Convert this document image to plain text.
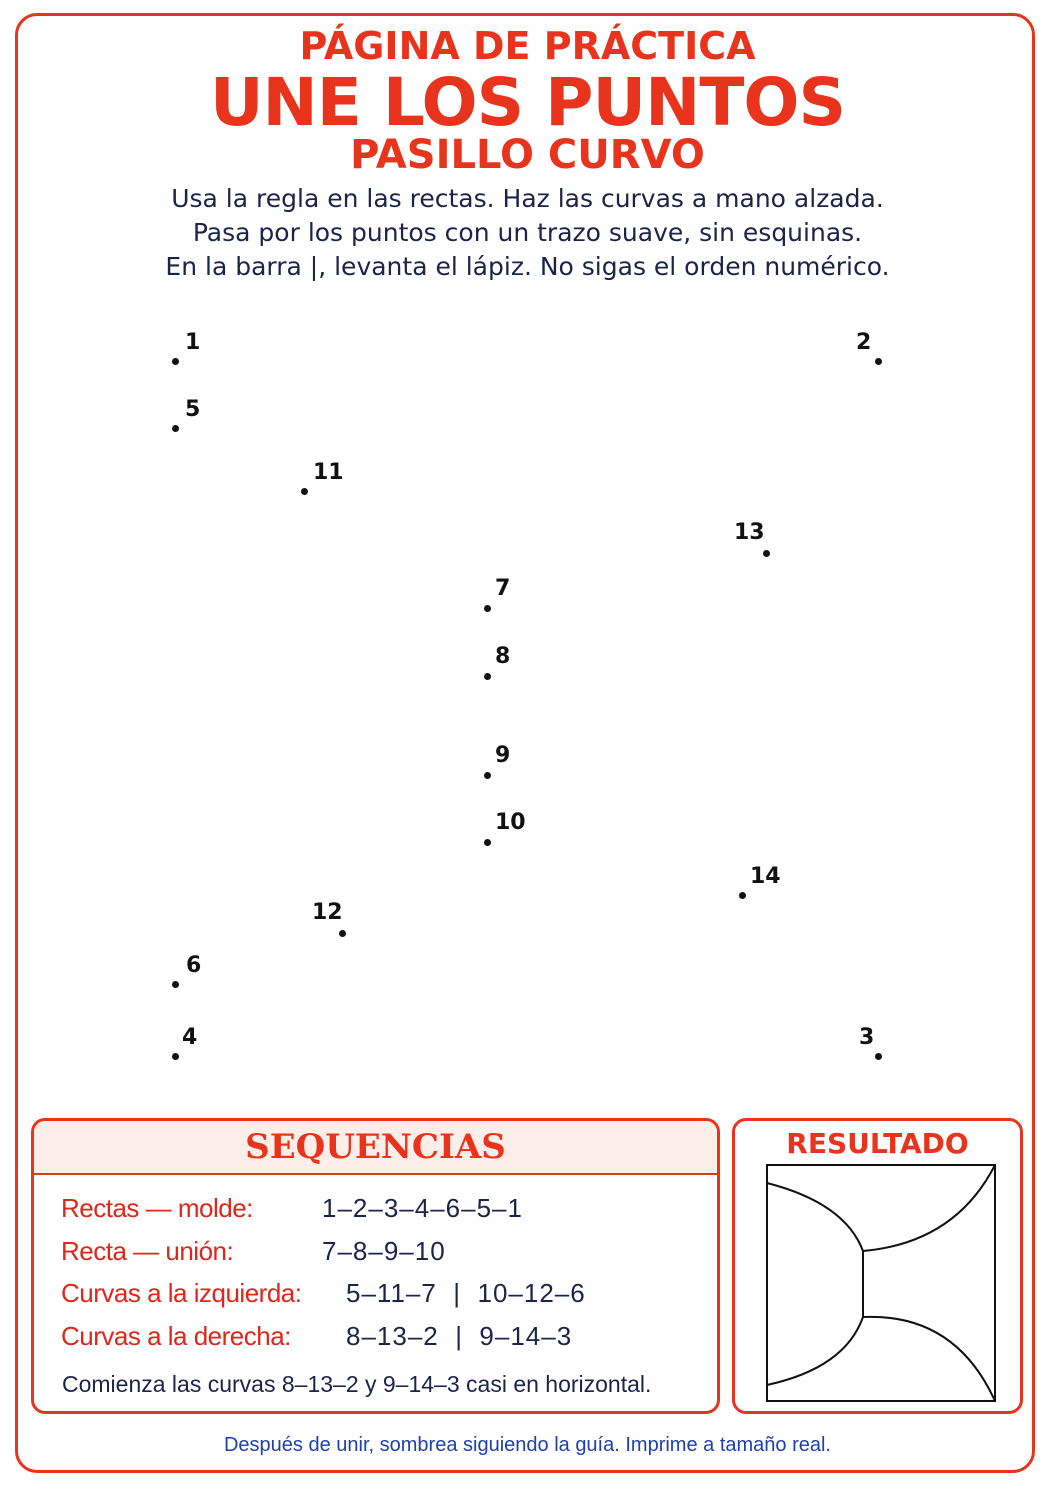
PÁGINA DE PRÁCTICA
UNE LOS PUNTOS
PASILLO CURVO
Usa la regla en las rectas. Haz las curvas a mano alzada.
Pasa por los puntos con un trazo suave, sin esquinas.
En la barra |, levanta el lápiz. No sigas el orden numérico.
1	2
5
11
13
7
8
9
10
14
12
6
4	3
SEQUENCIAS
Rectas — molde:	1–2–3–4–6–5–1
Recta — unión:	7–8–9–10
Curvas a la izquierda: 5–11–7  |  10–12–6
Curvas a la derecha: 8–13–2  |  9–14–3
Comienza las curvas 8–13–2 y 9–14–3 casi en horizontal.
RESULTADO
Después de unir, sombrea siguiendo la guía. Imprime a tamaño real.
